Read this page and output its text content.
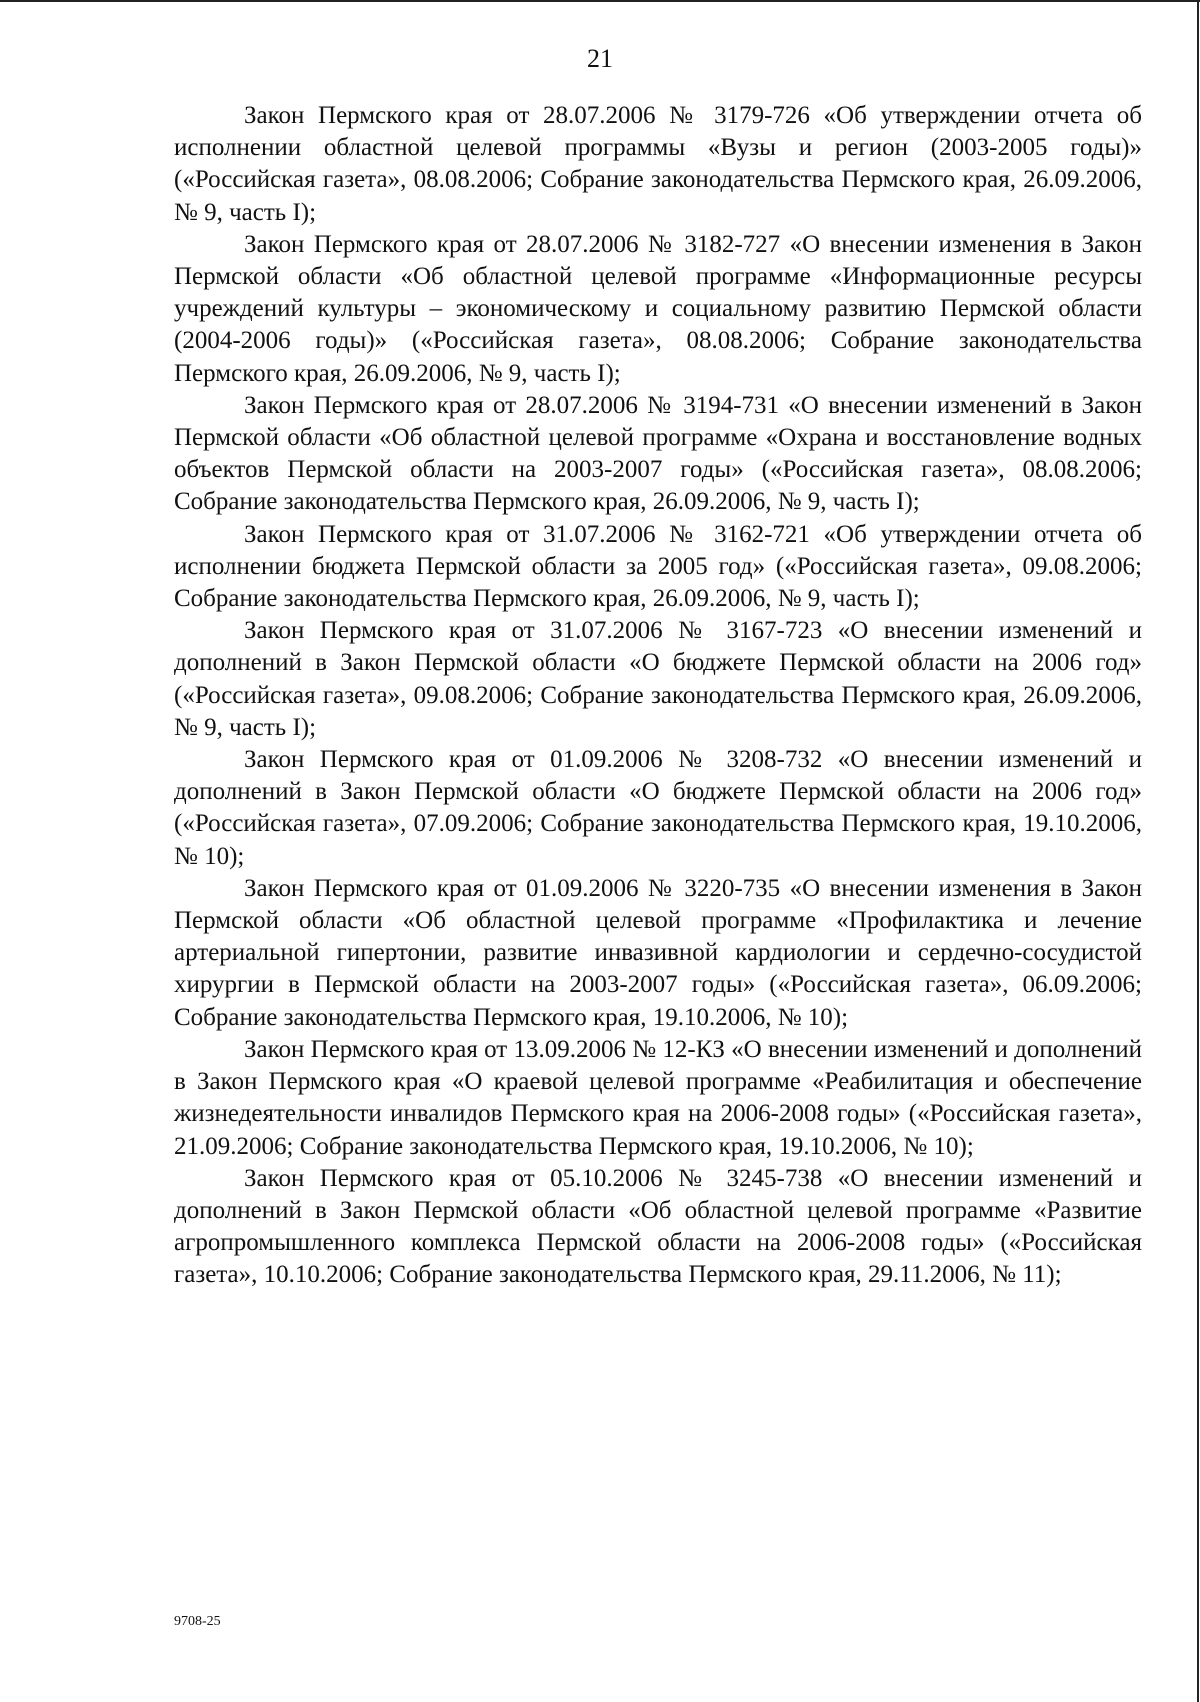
21

Закон Пермского края от 28.07.2006 № 3179-726 «Об утверждении отчета об исполнении областной целевой программы «Вузы и регион (2003-2005 годы)» («Российская газета», 08.08.2006; Собрание законодательства Пермского края, 26.09.2006, № 9, часть I);

Закон Пермского края от 28.07.2006 № 3182-727 «О внесении изменения в Закон Пермской области «Об областной целевой программе «Информационные ресурсы учреждений культуры – экономическому и социальному развитию Пермской области (2004-2006 годы)» («Российская газета», 08.08.2006; Собрание законодательства Пермского края, 26.09.2006, № 9, часть I);

Закон Пермского края от 28.07.2006 № 3194-731 «О внесении изменений в Закон Пермской области «Об областной целевой программе «Охрана и восстановление водных объектов Пермской области на 2003-2007 годы» («Российская газета», 08.08.2006; Собрание законодательства Пермского края, 26.09.2006, № 9, часть I);

Закон Пермского края от 31.07.2006 № 3162-721 «Об утверждении отчета об исполнении бюджета Пермской области за 2005 год» («Российская газета», 09.08.2006; Собрание законодательства Пермского края, 26.09.2006, № 9, часть I);

Закон Пермского края от 31.07.2006 № 3167-723 «О внесении изменений и дополнений в Закон Пермской области «О бюджете Пермской области на 2006 год» («Российская газета», 09.08.2006; Собрание законодательства Пермского края, 26.09.2006, № 9, часть I);

Закон Пермского края от 01.09.2006 № 3208-732 «О внесении изменений и дополнений в Закон Пермской области «О бюджете Пермской области на 2006 год» («Российская газета», 07.09.2006; Собрание законодательства Пермского края, 19.10.2006, № 10);

Закон Пермского края от 01.09.2006 № 3220-735 «О внесении изменения в Закон Пермской области «Об областной целевой программе «Профилактика и лечение артериальной гипертонии, развитие инвазивной кардиологии и сердечно-сосудистой хирургии в Пермской области на 2003-2007 годы» («Российская газета», 06.09.2006; Собрание законодательства Пермского края, 19.10.2006, № 10);

Закон Пермского края от 13.09.2006 № 12-КЗ «О внесении изменений и дополнений в Закон Пермского края «О краевой целевой программе «Реабилитация и обеспечение жизнедеятельности инвалидов Пермского края на 2006-2008 годы» («Российская газета», 21.09.2006; Собрание законодательства Пермского края, 19.10.2006, № 10);

Закон Пермского края от 05.10.2006 № 3245-738 «О внесении изменений и дополнений в Закон Пермской области «Об областной целевой программе «Развитие агропромышленного комплекса Пермской области на 2006-2008 годы» («Российская газета», 10.10.2006; Собрание законодательства Пермского края, 29.11.2006, № 11);

9708-25
